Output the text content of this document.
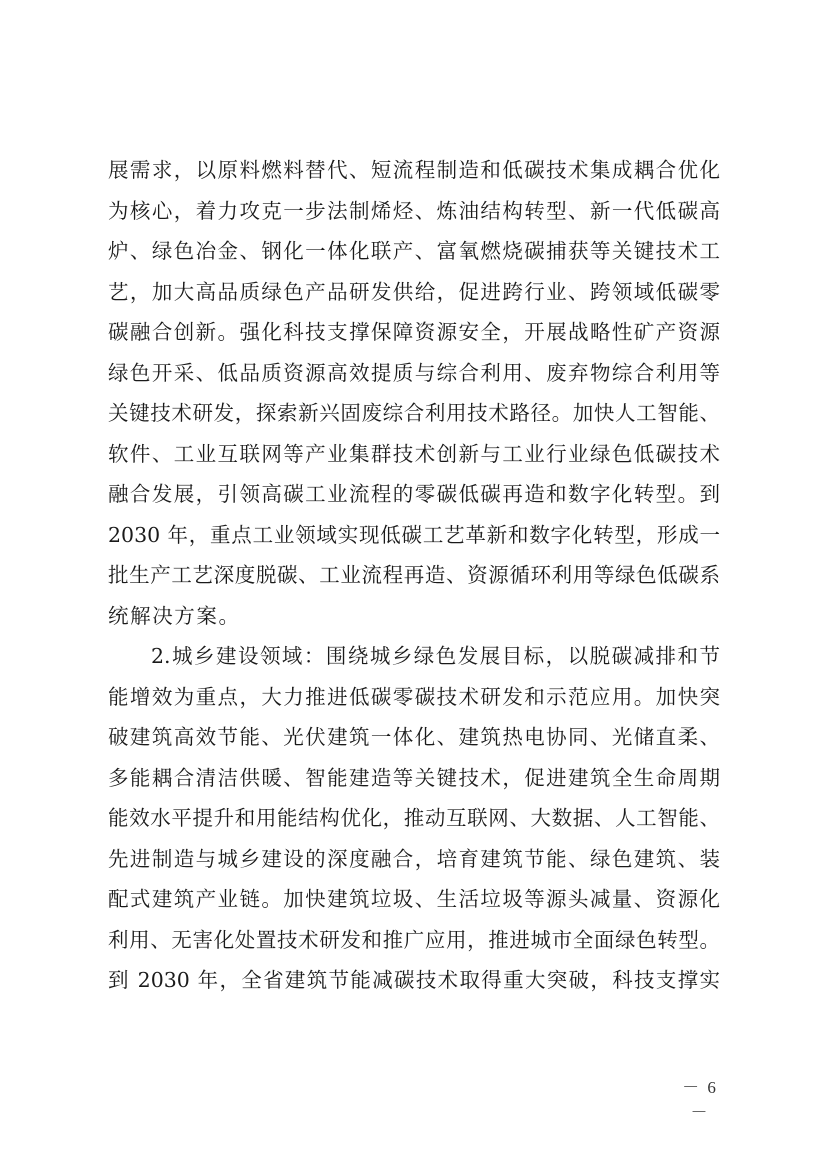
展需求，以原料燃料替代、短流程制造和低碳技术集成耦合优化
为核心，着力攻克一步法制烯烃、炼油结构转型、新一代低碳高
炉、绿色冶金、钢化一体化联产、富氧燃烧碳捕获等关键技术工
艺，加大高品质绿色产品研发供给，促进跨行业、跨领域低碳零
碳融合创新。强化科技支撑保障资源安全，开展战略性矿产资源
绿色开采、低品质资源高效提质与综合利用、废弃物综合利用等
关键技术研发，探索新兴固废综合利用技术路径。加快人工智能、
软件、工业互联网等产业集群技术创新与工业行业绿色低碳技术
融合发展，引领高碳工业流程的零碳低碳再造和数字化转型。到
2030 年，重点工业领域实现低碳工艺革新和数字化转型，形成一
批生产工艺深度脱碳、工业流程再造、资源循环利用等绿色低碳系
统解决方案。
2.城乡建设领域：围绕城乡绿色发展目标，以脱碳减排和节
能增效为重点，大力推进低碳零碳技术研发和示范应用。加快突
破建筑高效节能、光伏建筑一体化、建筑热电协同、光储直柔、
多能耦合清洁供暖、智能建造等关键技术，促进建筑全生命周期
能效水平提升和用能结构优化，推动互联网、大数据、人工智能、
先进制造与城乡建设的深度融合，培育建筑节能、绿色建筑、装
配式建筑产业链。加快建筑垃圾、生活垃圾等源头减量、资源化
利用、无害化处置技术研发和推广应用，推进城市全面绿色转型。
到 2030 年，全省建筑节能减碳技术取得重大突破，科技支撑实
－ 6 －
